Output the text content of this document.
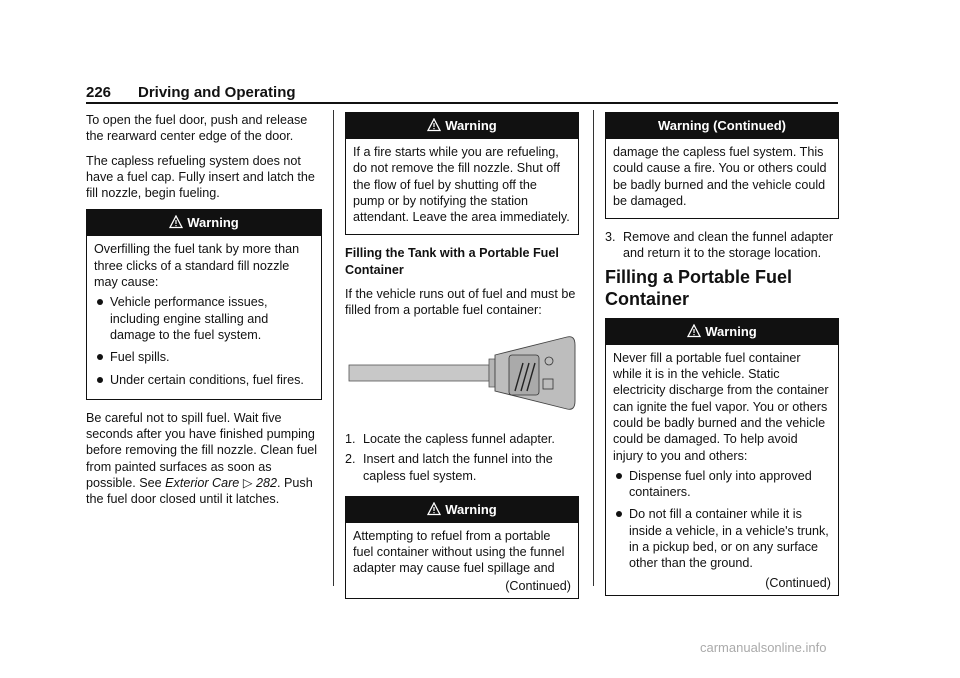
226 Driving and Operating

To open the fuel door, push and release the rearward center edge of the door.

The capless refueling system does not have a fuel cap. Fully insert and latch the fill nozzle, begin fueling.

Warning

Overfilling the fuel tank by more than three clicks of a standard fill nozzle may cause:

Vehicle performance issues, including engine stalling and damage to the fuel system.
Fuel spills.
Under certain conditions, fuel fires.

Be careful not to spill fuel. Wait five seconds after you have finished pumping before removing the fill nozzle. Clean fuel from painted surfaces as soon as possible. See Exterior Care ▷ 282. Push the fuel door closed until it latches.

Warning

If a fire starts while you are refueling, do not remove the fill nozzle. Shut off the flow of fuel by shutting off the pump or by notifying the station attendant. Leave the area immediately.

Filling the Tank with a Portable Fuel Container

If the vehicle runs out of fuel and must be filled from a portable fuel container:

1. Locate the capless funnel adapter.
2. Insert and latch the funnel into the capless fuel system.
Warning

Attempting to refuel from a portable fuel container without using the funnel adapter may cause fuel spillage and

(Continued)
Warning (Continued)

damage the capless fuel system. This could cause a fire. You or others could be badly burned and the vehicle could be damaged.

3. Remove and clean the funnel adapter and return it to the storage location.
Filling a Portable Fuel Container
Warning

Never fill a portable fuel container while it is in the vehicle. Static electricity discharge from the container can ignite the fuel vapor. You or others could be badly burned and the vehicle could be damaged. To help avoid injury to you and others:

Dispense fuel only into approved containers.
Do not fill a container while it is inside a vehicle, in a vehicle's trunk, in a pickup bed, or on any surface other than the ground.
(Continued)
carmanualsonline.info
